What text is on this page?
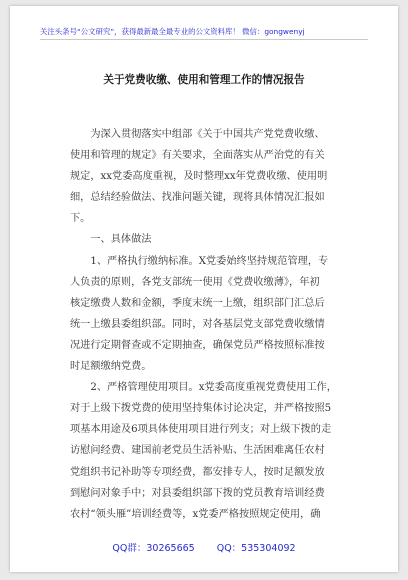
关注头条号“公文研究”，获得最新最全最专业的公文资料库！ 微信：gongwenyj
关于党费收缴、使用和管理工作的情况报告
　　为深入贯彻落实中组部《关于中国共产党党费收缴、
使用和管理的规定》有关要求，全面落实从严治党的有关
规定，xx党委高度重视，及时整理xx年党费收缴、使用明
细，总结经验做法、找准问题关键，现将具体情况汇报如
下。
　　一、具体做法
　　1、严格执行缴纳标准。X党委始终坚持规范管理，专
人负责的原则，各党支部统一使用《党费收缴薄》，年初
核定缴费人数和金额，季度末统一上缴，组织部门汇总后
统一上缴县委组织部。同时，对各基层党支部党费收缴情
况进行定期督查或不定期抽查，确保党员严格按照标准按
时足额缴纳党费。
　　2、严格管理使用项目。x党委高度重视党费使用工作，
对于上级下拨党费的使用坚持集体讨论决定，并严格按照5
项基本用途及6项具体使用项目进行列支；对上级下拨的走
访慰问经费、建国前老党员生活补贴、生活困难离任农村
党组织书记补助等专项经费，都安排专人，按时足额发放
到慰问对象手中；对县委组织部下拨的党员教育培训经费
农村“领头雁”培训经费等，x党委严格按照规定使用，确
QQ群：30265665 QQ：535304092
